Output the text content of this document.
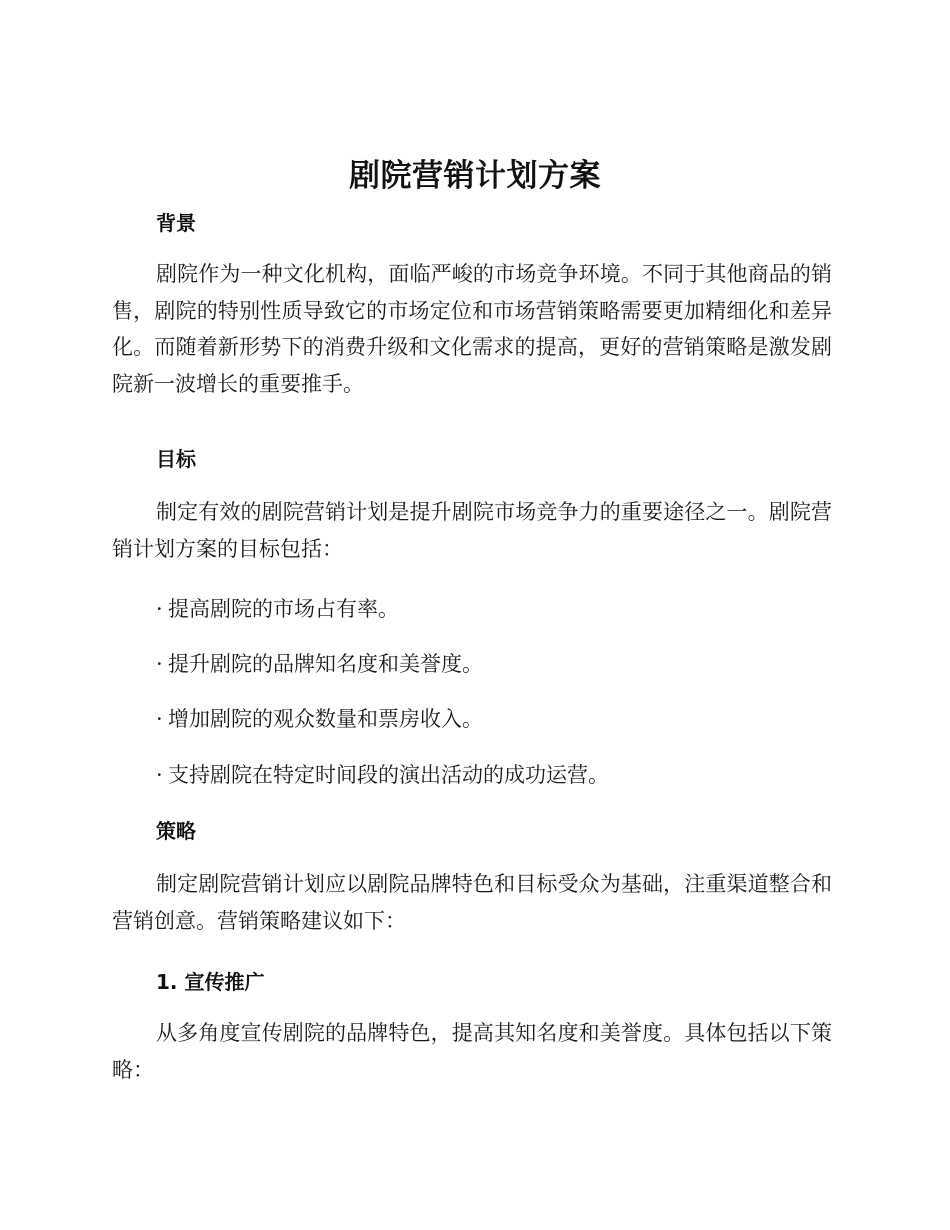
剧院营销计划方案
背景
剧院作为一种文化机构，面临严峻的市场竞争环境。不同于其他商品的销售，剧院的特别性质导致它的市场定位和市场营销策略需要更加精细化和差异化。而随着新形势下的消费升级和文化需求的提高，更好的营销策略是激发剧院新一波增长的重要推手。
目标
制定有效的剧院营销计划是提升剧院市场竞争力的重要途径之一。剧院营销计划方案的目标包括：
· 提高剧院的市场占有率。
· 提升剧院的品牌知名度和美誉度。
· 增加剧院的观众数量和票房收入。
· 支持剧院在特定时间段的演出活动的成功运营。
策略
制定剧院营销计划应以剧院品牌特色和目标受众为基础，注重渠道整合和营销创意。营销策略建议如下：
1. 宣传推广
从多角度宣传剧院的品牌特色，提高其知名度和美誉度。具体包括以下策略：
